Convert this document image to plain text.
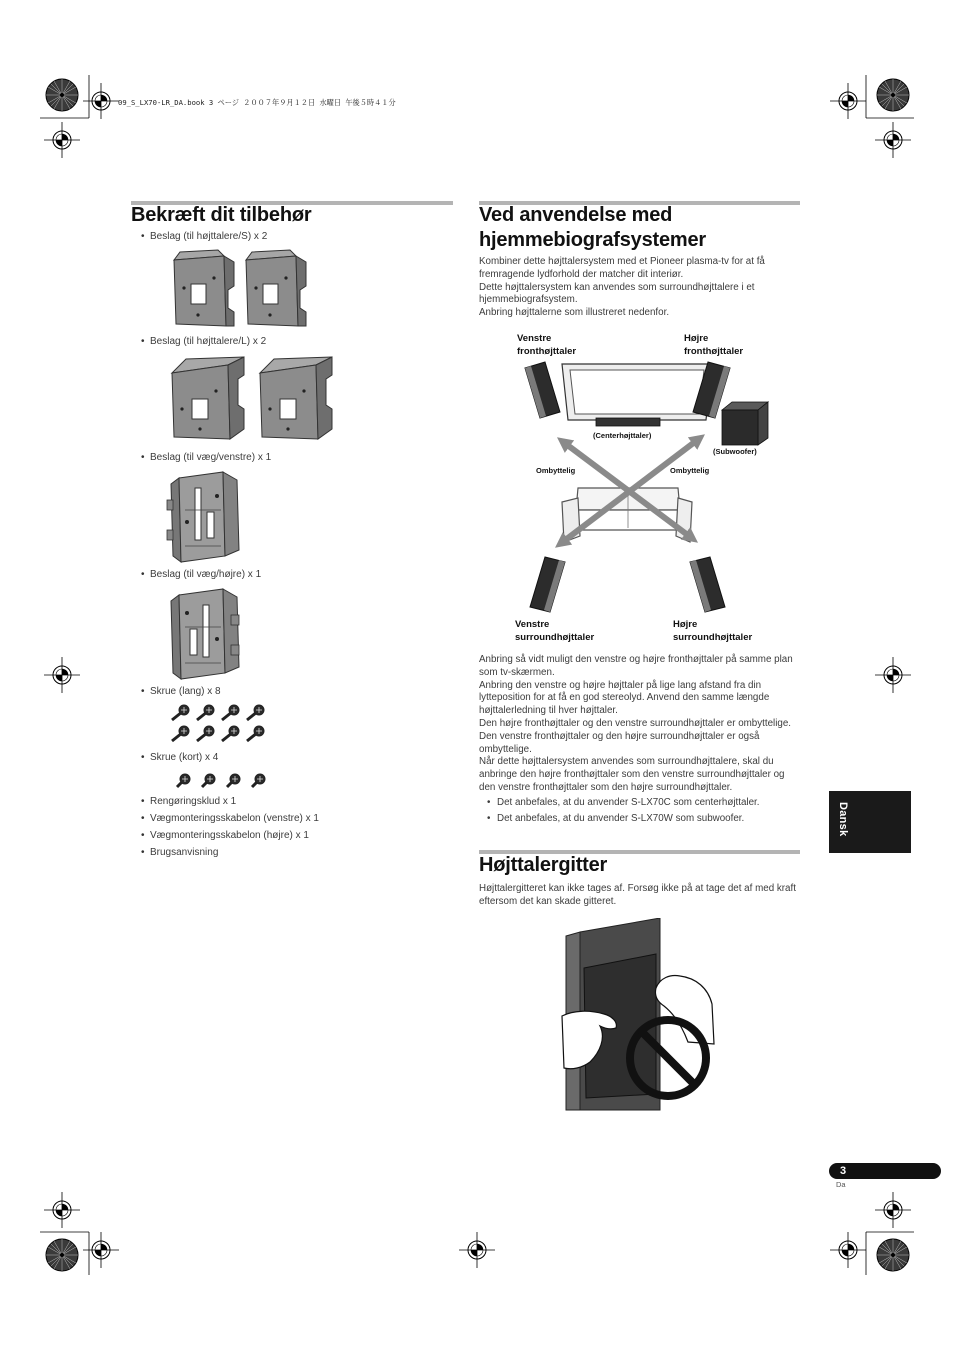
09_S_LX70-LR_DA.book 3 ページ ２００７年９月１２日 水曜日 午後５時４１分
Bekræft dit tilbehør
• Beslag (til højttalere/S) x 2
• Beslag (til højttalere/L) x 2
• Beslag (til væg/venstre) x 1
• Beslag (til væg/højre) x 1
• Skrue (lang) x 8
• Skrue (kort) x 4
• Rengøringsklud x 1
• Vægmonteringsskabelon (venstre) x 1
• Vægmonteringsskabelon (højre) x 1
• Brugsanvisning
Ved anvendelse med hjemmebiografsystemer

Kombiner dette højttalersystem med et Pioneer plasma-tv for at få fremragende lydforhold der matcher dit interiør.

Dette højttalersystem kan anvendes som surroundhøjttalere i et hjemmebiografsystem.

Anbring højttalerne som illustreret nedenfor.

Venstre fronthøjttaler
Højre fronthøjttaler
(Centerhøjttaler)
(Subwoofer)
Ombyttelig	Ombyttelig
Venstre surroundhøjttaler
Højre surroundhøjttaler

Anbring så vidt muligt den venstre og højre fronthøjttaler på samme plan som tv-skærmen.

Anbring den venstre og højre højttaler på lige lang afstand fra din lytteposition for at få en god stereolyd. Anvend den samme længde højttalerledning til hver højttaler.

Den højre fronthøjttaler og den venstre surroundhøjttaler er ombyttelige. Den venstre fronthøjttaler og den højre surroundhøjttaler er også ombyttelige.

Når dette højttalersystem anvendes som surroundhøjttalere, skal du anbringe den højre fronthøjttaler som den venstre surroundhøjttaler og den venstre fronthøjttaler som den højre surroundhøjttaler.

• Det anbefales, at du anvender S-LX70C som centerhøjttaler.
• Det anbefales, at du anvender S-LX70W som subwoofer.
Højttalergitter

Højttalergitteret kan ikke tages af. Forsøg ikke på at tage det af med kraft eftersom det kan skade gitteret.

Dansk
3
Da
